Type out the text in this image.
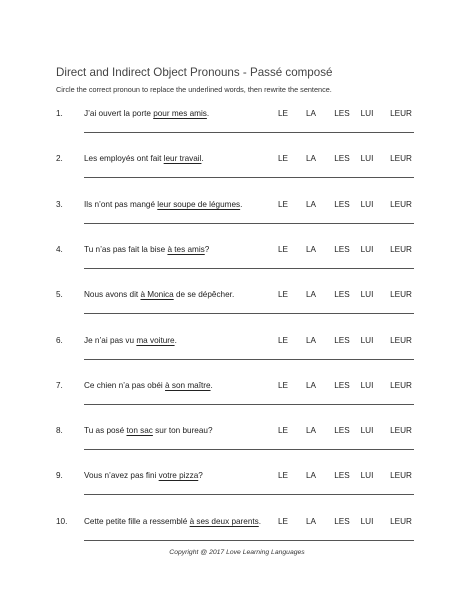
Direct and Indirect Object Pronouns - Passé composé
Circle the correct pronoun to replace the underlined words, then rewrite the sentence.
1.	J’ai ouvert la porte pour mes amis.	LE	LA	LES	LUI	LEUR
2.	Les employés ont fait leur travail.	LE	LA	LES	LUI	LEUR
3.	Ils n’ont pas mangé leur soupe de légumes.	LE	LA	LES	LUI	LEUR
4.	Tu n’as pas fait la bise à tes amis?	LE	LA	LES	LUI	LEUR
5.	Nous avons dit à Monica de se dépêcher.	LE	LA	LES	LUI	LEUR
6.	Je n’ai pas vu ma voiture.	LE	LA	LES	LUI	LEUR
7.	Ce chien n’a pas obéi à son maître.	LE	LA	LES	LUI	LEUR
8.	Tu as posé ton sac sur ton bureau?	LE	LA	LES	LUI	LEUR
9.	Vous n’avez pas fini votre pizza?	LE	LA	LES	LUI	LEUR
10. Cette petite fille a ressemblé à ses deux parents.	LE	LA	LES	LUI	LEUR
Copyright @ 2017 Love Learning Languages
